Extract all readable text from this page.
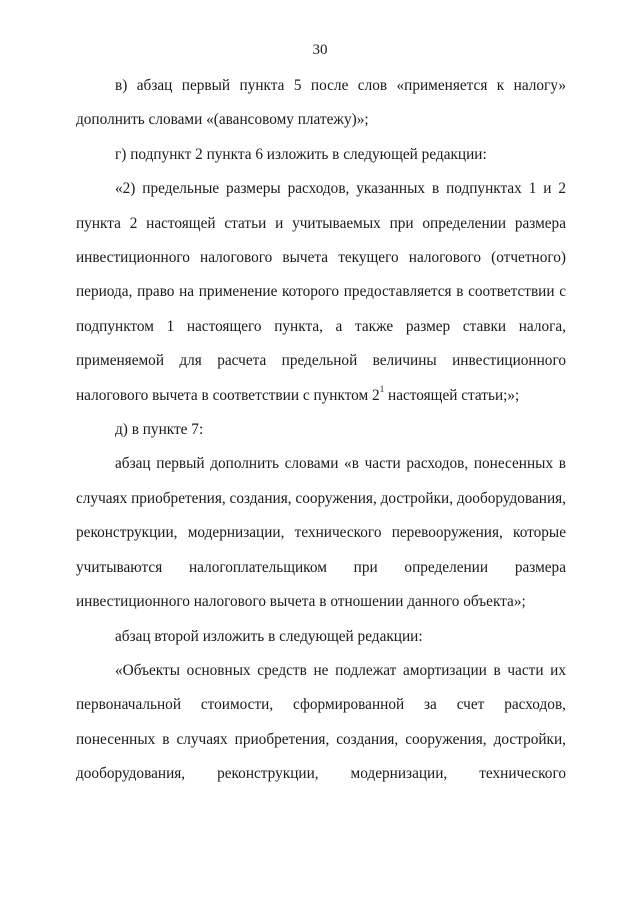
30

в) абзац первый пункта 5 после слов «применяется к налогу» дополнить словами «(авансовому платежу)»;

г) подпункт 2 пункта 6 изложить в следующей редакции:

«2) предельные размеры расходов, указанных в подпунктах 1 и 2 пункта 2 настоящей статьи и учитываемых при определении размера инвестиционного налогового вычета текущего налогового (отчетного) периода, право на применение которого предоставляется в соответствии с подпунктом 1 настоящего пункта, а также размер ставки налога, применяемой для расчета предельной величины инвестиционного налогового вычета в соответствии с пунктом $2^1$ настоящей статьи;»;

д) в пункте 7:

абзац первый дополнить словами «в части расходов, понесенных в случаях приобретения, создания, сооружения, достройки, дооборудования, реконструкции, модернизации, технического перевооружения, которые учитываются налогоплательщиком при определении размера инвестиционного налогового вычета в отношении данного объекта»;

абзац второй изложить в следующей редакции:

«Объекты основных средств не подлежат амортизации в части их первоначальной стоимости, сформированной за счет расходов, понесенных в случаях приобретения, создания, сооружения, достройки, дооборудования, реконструкции, модернизации, технического
